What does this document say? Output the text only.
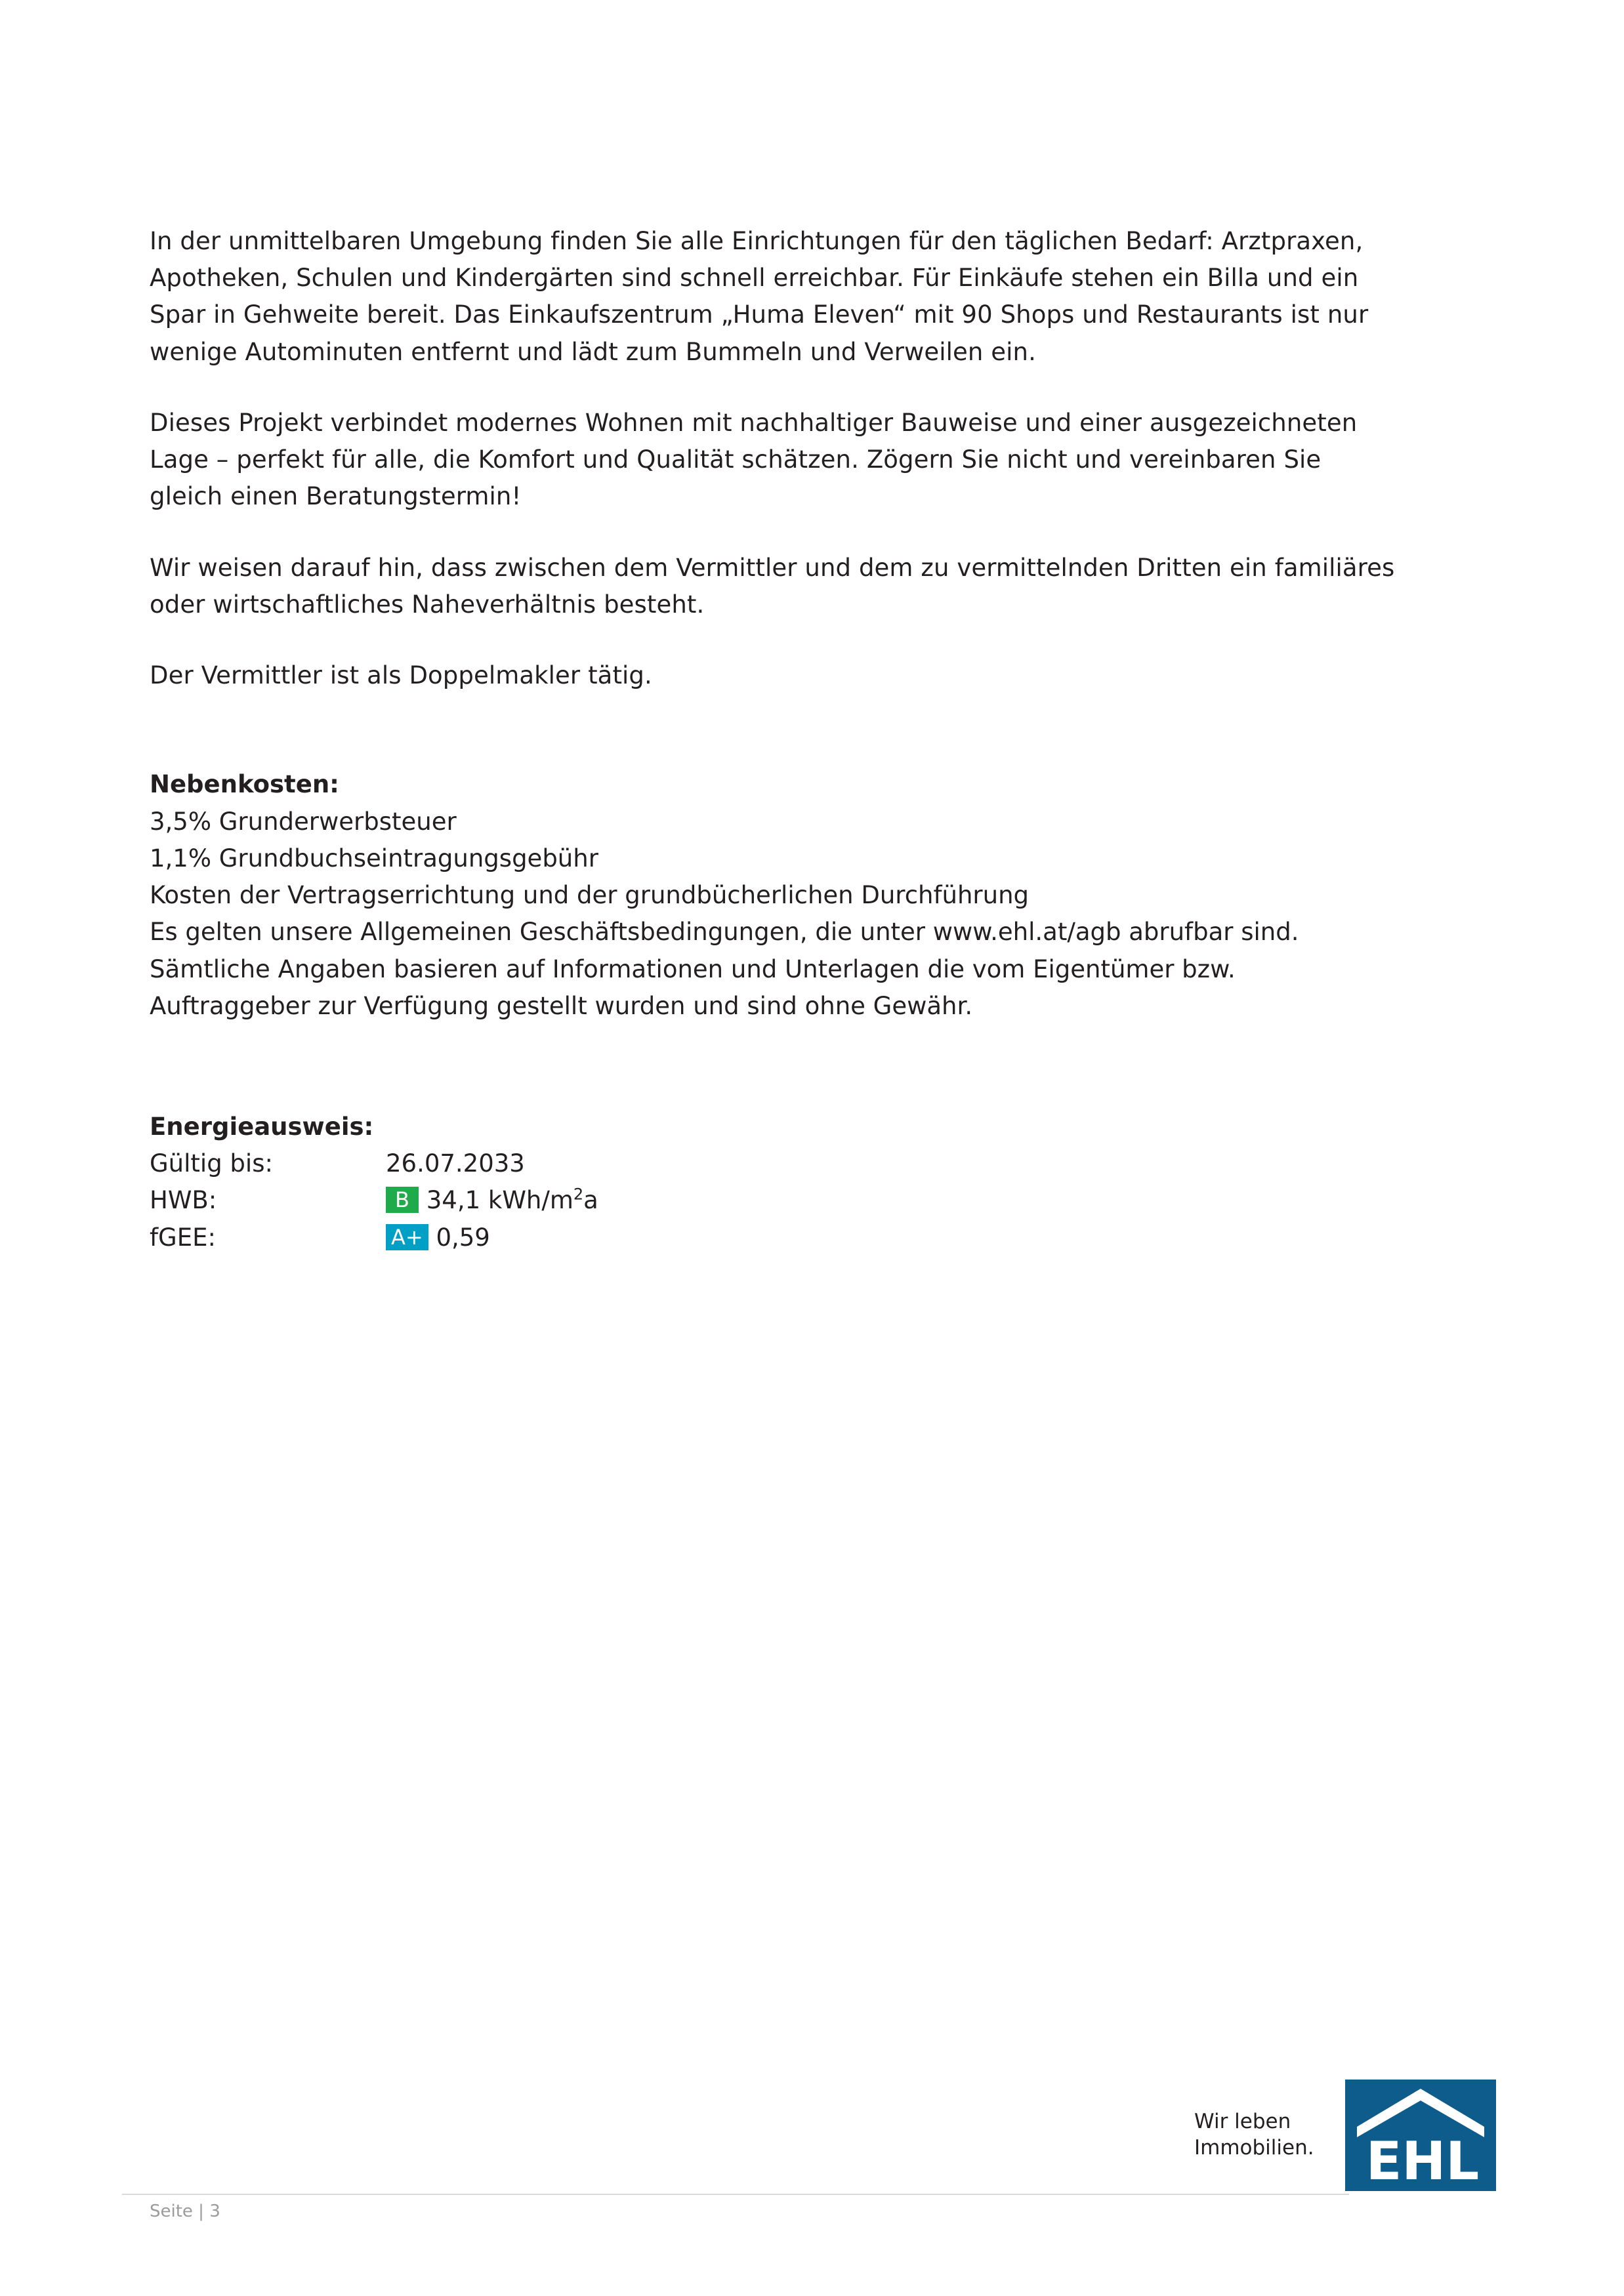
In der unmittelbaren Umgebung finden Sie alle Einrichtungen für den täglichen Bedarf: Arztpraxen, Apotheken, Schulen und Kindergärten sind schnell erreichbar. Für Einkäufe stehen ein Billa und ein Spar in Gehweite bereit. Das Einkaufszentrum „Huma Eleven“ mit 90 Shops und Restaurants ist nur wenige Autominuten entfernt und lädt zum Bummeln und Verweilen ein.

Dieses Projekt verbindet modernes Wohnen mit nachhaltiger Bauweise und einer ausgezeichneten Lage – perfekt für alle, die Komfort und Qualität schätzen. Zögern Sie nicht und vereinbaren Sie gleich einen Beratungstermin!

Wir weisen darauf hin, dass zwischen dem Vermittler und dem zu vermittelnden Dritten ein familiäres oder wirtschaftliches Naheverhältnis besteht.

Der Vermittler ist als Doppelmakler tätig.

Nebenkosten:

3,5% Grunderwerbsteuer

1,1% Grundbuchseintragungsgebühr

Kosten der Vertragserrichtung und der grundbücherlichen Durchführung

Es gelten unsere Allgemeinen Geschäftsbedingungen, die unter www.ehl.at/agb abrufbar sind.

Sämtliche Angaben basieren auf Informationen und Unterlagen die vom Eigentümer bzw. Auftraggeber zur Verfügung gestellt wurden und sind ohne Gewähr.

Energieausweis:

Gültig bis:	26.07.2033
HWB:	B 34,1 kWh/$m^2a$
fGEE:	A+ 0,59
Seite | 3
Wir leben
Immobilien. EHL
